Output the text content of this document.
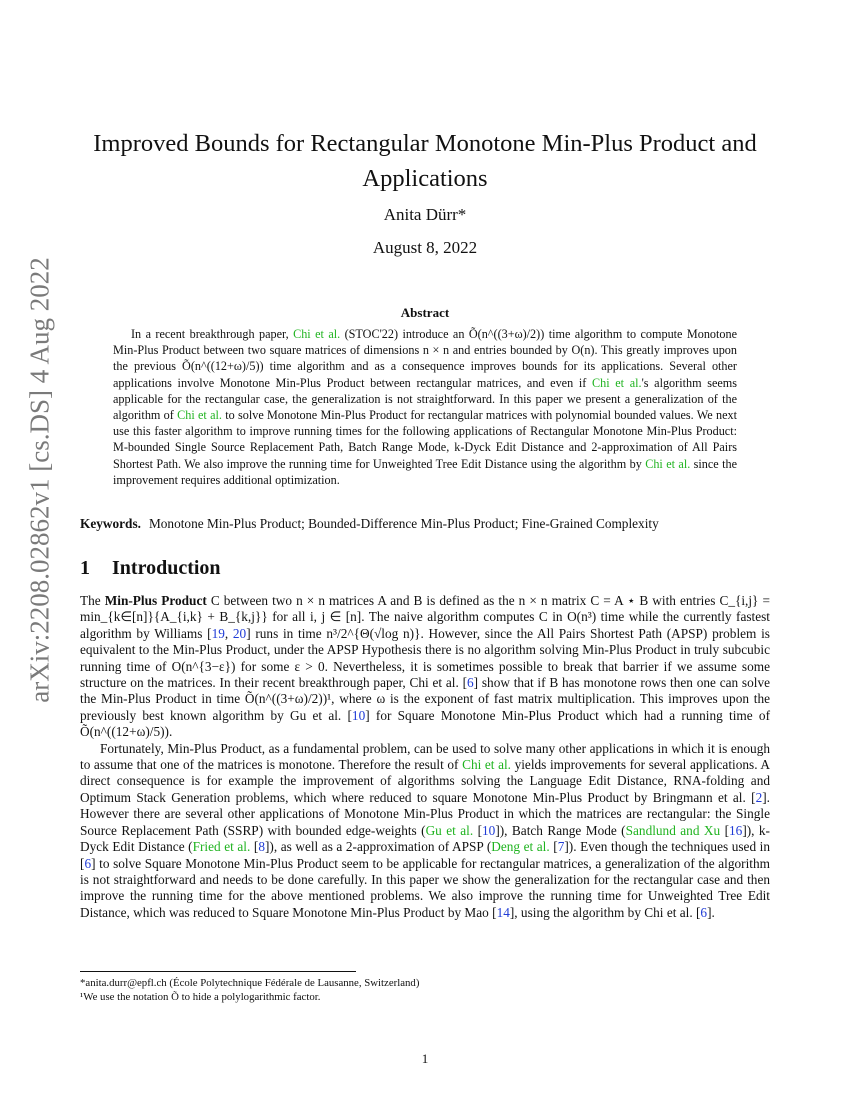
arXiv:2208.02862v1 [cs.DS] 4 Aug 2022
Improved Bounds for Rectangular Monotone Min-Plus Product and
Applications
Anita Dürr*
August 8, 2022
Abstract

In a recent breakthrough paper, Chi et al. (STOC'22) introduce an Õ(n^((3+ω)/2)) time algorithm to compute Monotone Min-Plus Product between two square matrices of dimensions n × n and entries bounded by O(n). This greatly improves upon the previous Õ(n^((12+ω)/5)) time algorithm and as a consequence improves bounds for its applications. Several other applications involve Monotone Min-Plus Product between rectangular matrices, and even if Chi et al.'s algorithm seems applicable for the rectangular case, the generalization is not straightforward. In this paper we present a generalization of the algorithm of Chi et al. to solve Monotone Min-Plus Product for rectangular matrices with polynomial bounded values. We next use this faster algorithm to improve running times for the following applications of Rectangular Monotone Min-Plus Product: M-bounded Single Source Replacement Path, Batch Range Mode, k-Dyck Edit Distance and 2-approximation of All Pairs Shortest Path. We also improve the running time for Unweighted Tree Edit Distance using the algorithm by Chi et al. since the improvement requires additional optimization.

Keywords. Monotone Min-Plus Product; Bounded-Difference Min-Plus Product; Fine-Grained Complexity
1 Introduction

The Min-Plus Product C between two n × n matrices A and B is defined as the n × n matrix C = A ⋆ B with entries C_{i,j} = min_{k∈[n]}{A_{i,k} + B_{k,j}} for all i, j ∈ [n]. The naive algorithm computes C in O(n³) time while the currently fastest algorithm by Williams [19, 20] runs in time n³/2^{Θ(√log n)}. However, since the All Pairs Shortest Path (APSP) problem is equivalent to the Min-Plus Product, under the APSP Hypothesis there is no algorithm solving Min-Plus Product in truly subcubic running time of O(n^{3−ε}) for some ε > 0. Nevertheless, it is sometimes possible to break that barrier if we assume some structure on the matrices. In their recent breakthrough paper, Chi et al. [6] show that if B has monotone rows then one can solve the Min-Plus Product in time Õ(n^((3+ω)/2))¹, where ω is the exponent of fast matrix multiplication. This improves upon the previously best known algorithm by Gu et al. [10] for Square Monotone Min-Plus Product which had a running time of Õ(n^((12+ω)/5)).

Fortunately, Min-Plus Product, as a fundamental problem, can be used to solve many other applications in which it is enough to assume that one of the matrices is monotone. Therefore the result of Chi et al. yields improvements for several applications. A direct consequence is for example the improvement of algorithms solving the Language Edit Distance, RNA-folding and Optimum Stack Generation problems, which where reduced to square Monotone Min-Plus Product by Bringmann et al. [2]. However there are several other applications of Monotone Min-Plus Product in which the matrices are rectangular: the Single Source Replacement Path (SSRP) with bounded edge-weights (Gu et al. [10]), Batch Range Mode (Sandlund and Xu [16]), k-Dyck Edit Distance (Fried et al. [8]), as well as a 2-approximation of APSP (Deng et al. [7]). Even though the techniques used in [6] to solve Square Monotone Min-Plus Product seem to be applicable for rectangular matrices, a generalization of the algorithm is not straightforward and needs to be done carefully. In this paper we show the generalization for the rectangular case and then improve the running time for the above mentioned problems. We also improve the running time for Unweighted Tree Edit Distance, which was reduced to Square Monotone Min-Plus Product by Mao [14], using the algorithm by Chi et al. [6].

*anita.durr@epfl.ch (École Polytechnique Fédérale de Lausanne, Switzerland)
¹We use the notation Õ to hide a polylogarithmic factor.
1
